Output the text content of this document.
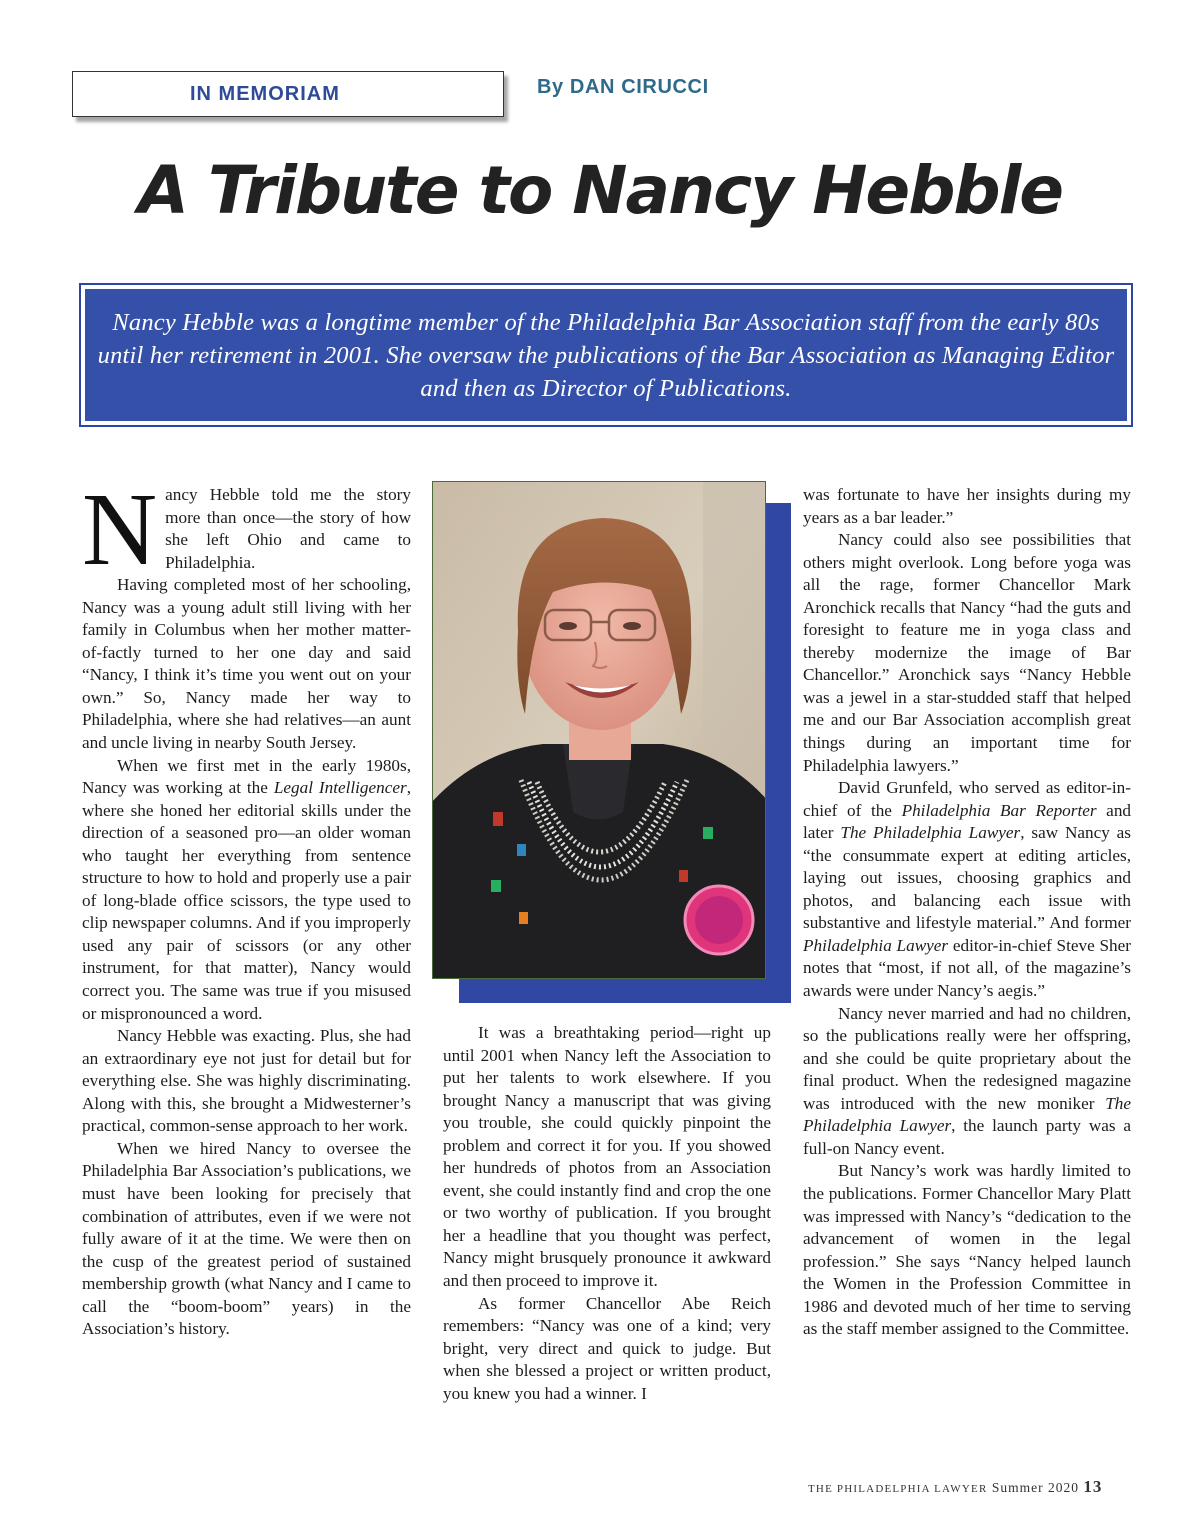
IN MEMORIAM	By DAN CIRUCCI
A Tribute to Nancy Hebble
Nancy Hebble was a longtime member of the Philadelphia Bar Association staff from the early 80s until her retirement in 2001. She oversaw the publications of the Bar Association as Managing Editor and then as Director of Publications.
N ancy Hebble told me the story more than once—the story of how she left Ohio and came to Philadelphia.

Having completed most of her schooling, Nancy was a young adult still living with her family in Columbus when her mother matter-of-factly turned to her one day and said “Nancy, I think it’s time you went out on your own.” So, Nancy made her way to Philadelphia, where she had relatives—an aunt and uncle living in nearby South Jersey.

When we first met in the early 1980s, Nancy was working at the Legal Intelligencer, where she honed her editorial skills under the direction of a seasoned pro—an older woman who taught her everything from sentence structure to how to hold and properly use a pair of long-blade office scissors, the type used to clip newspaper columns. And if you improperly used any pair of scissors (or any other instrument, for that matter), Nancy would correct you. The same was true if you misused or mispronounced a word.

Nancy Hebble was exacting. Plus, she had an extraordinary eye not just for detail but for everything else. She was highly discriminating. Along with this, she brought a Midwesterner’s practical, common-sense approach to her work.

When we hired Nancy to oversee the Philadelphia Bar Association’s publications, we must have been looking for precisely that combination of attributes, even if we were not fully aware of it at the time. We were then on the cusp of the greatest period of sustained membership growth (what Nancy and I came to call the “boom-boom” years) in the Association’s history.

It was a breathtaking period—right up until 2001 when Nancy left the Association to put her talents to work elsewhere. If you brought Nancy a manuscript that was giving you trouble, she could quickly pinpoint the problem and correct it for you. If you showed her hundreds of photos from an Association event, she could instantly find and crop the one or two worthy of publication. If you brought her a headline that you thought was perfect, Nancy might brusquely pronounce it awkward and then proceed to improve it.

As former Chancellor Abe Reich remembers: “Nancy was one of a kind; very bright, very direct and quick to judge. But when she blessed a project or written product, you knew you had a winner. I

was fortunate to have her insights during my years as a bar leader.”

Nancy could also see possibilities that others might overlook. Long before yoga was all the rage, former Chancellor Mark Aronchick recalls that Nancy “had the guts and foresight to feature me in yoga class and thereby modernize the image of Bar Chancellor.” Aronchick says “Nancy Hebble was a jewel in a star-studded staff that helped me and our Bar Association accomplish great things during an important time for Philadelphia lawyers.”

David Grunfeld, who served as editor-in-chief of the Philadelphia Bar Reporter and later The Philadelphia Lawyer, saw Nancy as “the consummate expert at editing articles, laying out issues, choosing graphics and photos, and balancing each issue with substantive and lifestyle material.” And former Philadelphia Lawyer editor-in-chief Steve Sher notes that “most, if not all, of the magazine’s awards were under Nancy’s aegis.”

Nancy never married and had no children, so the publications really were her offspring, and she could be quite proprietary about the final product. When the redesigned magazine was introduced with the new moniker The Philadelphia Lawyer, the launch party was a full-on Nancy event.

But Nancy’s work was hardly limited to the publications. Former Chancellor Mary Platt was impressed with Nancy’s “dedication to the advancement of women in the legal profession.” She says “Nancy helped launch the Women in the Profession Committee in 1986 and devoted much of her time to serving as the staff member assigned to the Committee.

THE PHILADELPHIA LAWYER Summer 2020 13
